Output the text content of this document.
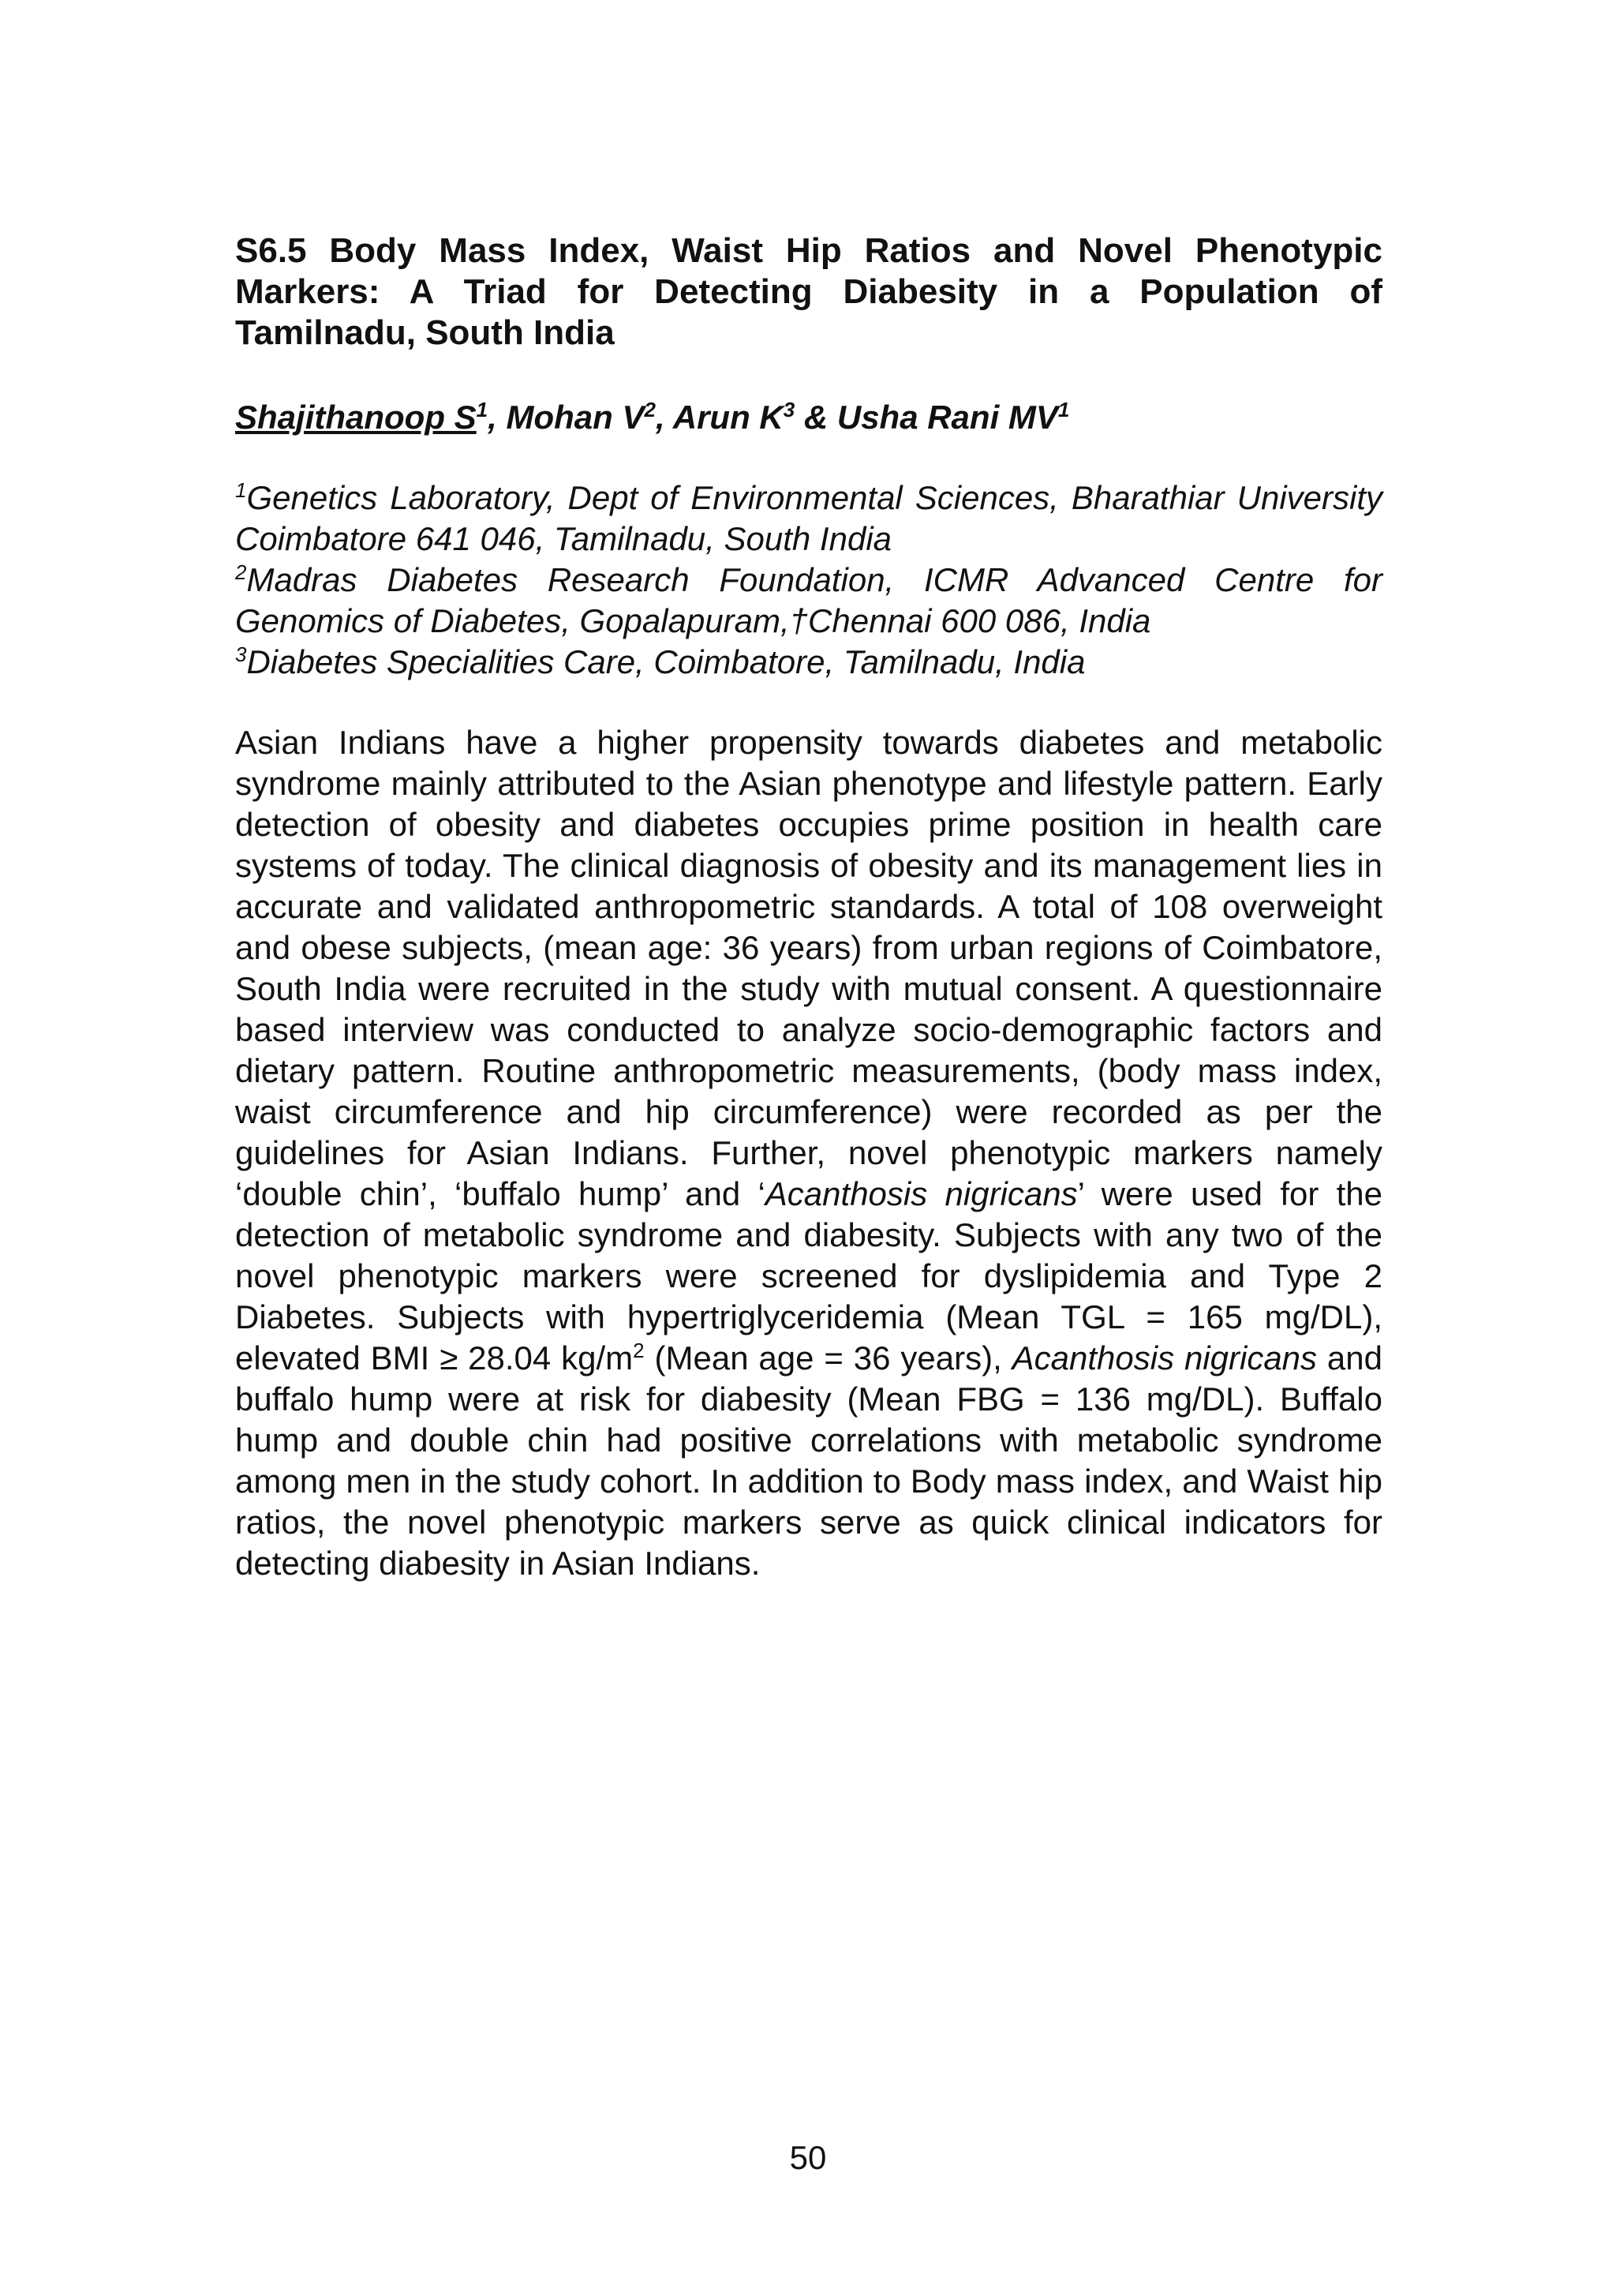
S6.5 Body Mass Index, Waist Hip Ratios and Novel Phenotypic
Markers: A Triad for Detecting Diabesity in a Population of
Tamilnadu, South India
Shajithanoop $S^1$, Mohan $V^2$, Arun $K^3$ & Usha Rani $MV^1$
$^1$Genetics Laboratory, Dept of Environmental Sciences, Bharathiar University Coimbatore 641 046, Tamilnadu, South India
$^2$Madras Diabetes Research Foundation, ICMR Advanced Centre for Genomics of Diabetes, Gopalapuram,†Chennai 600 086, India
$^3$Diabetes Specialities Care, Coimbatore, Tamilnadu, India

Asian Indians have a higher propensity towards diabetes and metabolic syndrome mainly attributed to the Asian phenotype and lifestyle pattern. Early detection of obesity and diabetes occupies prime position in health care systems of today. The clinical diagnosis of obesity and its management lies in accurate and validated anthropometric standards. A total of 108 overweight and obese subjects, (mean age: 36 years) from urban regions of Coimbatore, South India were recruited in the study with mutual consent. A questionnaire based interview was conducted to analyze socio-demographic factors and dietary pattern. Routine anthropometric measurements, (body mass index, waist circumference and hip circumference) were recorded as per the guidelines for Asian Indians. Further, novel phenotypic markers namely ‘double chin’, ‘buffalo hump’ and ‘Acanthosis nigricans’ were used for the detection of metabolic syndrome and diabesity. Subjects with any two of the novel phenotypic markers were screened for dyslipidemia and Type 2 Diabetes. Subjects with hypertriglyceridemia (Mean TGL = 165 mg/DL), elevated BMI ≥ 28.04 $kg/m^2$ (Mean age = 36 years), Acanthosis nigricans and buffalo hump were at risk for diabesity (Mean FBG = 136 mg/DL). Buffalo hump and double chin had positive correlations with metabolic syndrome among men in the study cohort. In addition to Body mass index, and Waist hip ratios, the novel phenotypic markers serve as quick clinical indicators for detecting diabesity in Asian Indians.

50
